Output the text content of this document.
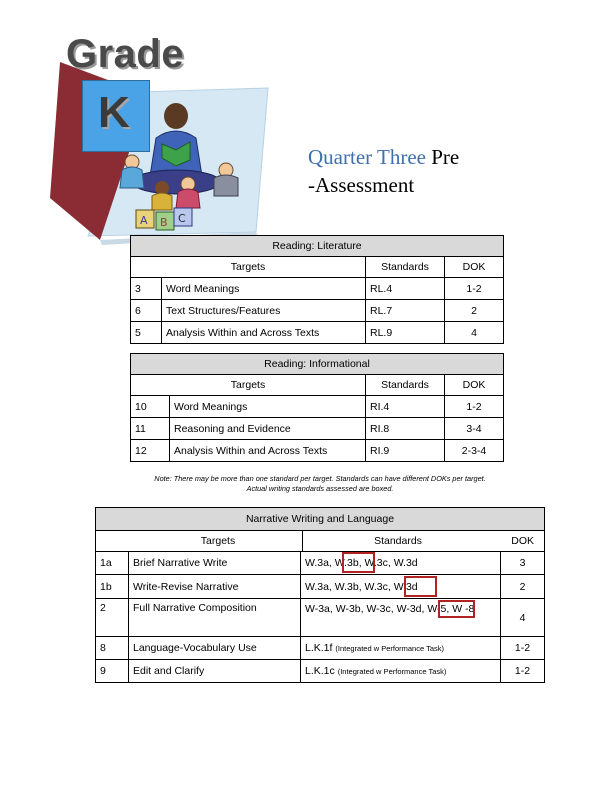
Grade
K
A B C
Quarter Three Pre
-Assessment
Reading: Literature			
Targets		Standards	DOK
3	Word Meanings	RL.4	1-2
6	Text Structures/Features	RL.7	2
5	Analysis Within and Across Texts	RL.9	4
Reading: Informational			
Targets		Standards	DOK
10	Word Meanings	RI.4	1-2
11	Reasoning and Evidence	RI.8	3-4
12	Analysis Within and Across Texts	RI.9	2-3-4
Note: There may be more than one standard per target. Standards can have different DOKs per target.
Actual writing standards assessed are boxed.
Narrative Writing and Language
	Targets	Standards	DOK
1a	Brief Narrative Write	W.3a, W.3b, W.3c, W.3d	3
1b	Write-Revise Narrative	W.3a, W.3b, W.3c, W.3d	2
2	Full Narrative Composition	W-3a, W-3b, W-3c, W-3d, W-5, W -8	4
8	Language-Vocabulary Use	L.K.1f (Integrated w Performance Task)	1-2
9	Edit and Clarify	L.K.1c (Integrated w Performance Task)	1-2
